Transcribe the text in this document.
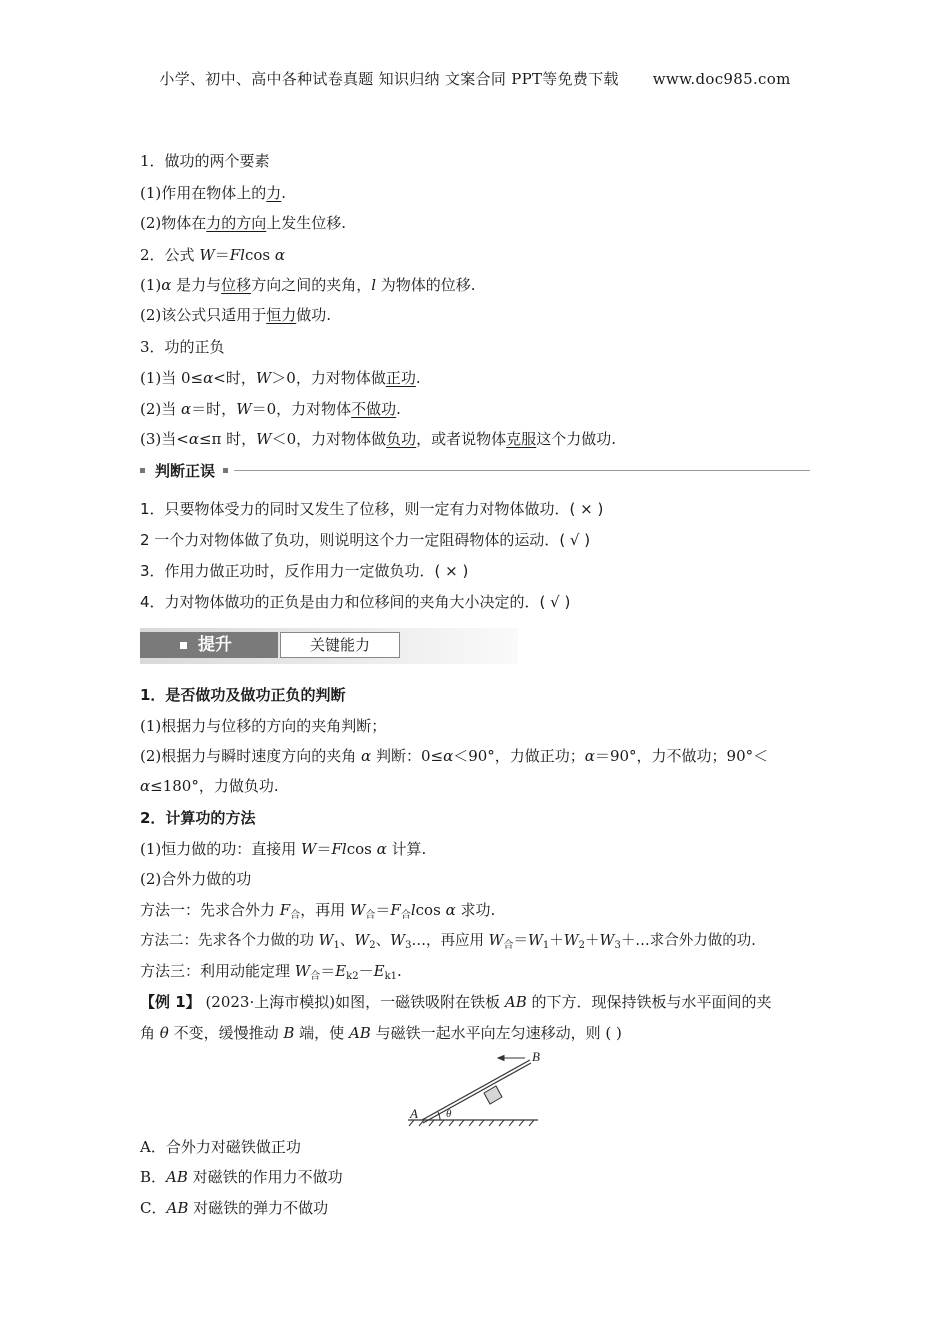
小学、初中、高中各种试卷真题 知识归纳 文案合同 PPT等免费下载 www.doc985.com
1．做功的两个要素
(1)作用在物体上的力.
(2)物体在力的方向上发生位移.
2．公式 W＝Flcos α
(1)α 是力与位移方向之间的夹角，l 为物体的位移.
(2)该公式只适用于恒力做功.
3．功的正负
(1)当 0≤α<时，W＞0，力对物体做正功.
(2)当 α＝时，W＝0，力对物体不做功.
(3)当<α≤π 时，W＜0，力对物体做负功，或者说物体克服这个力做功.
判断正误
1．只要物体受力的同时又发生了位移，则一定有力对物体做功．( × )
2 一个力对物体做了负功，则说明这个力一定阻碍物体的运动．( √ )
3．作用力做正功时，反作用力一定做负功．( × )
4．力对物体做功的正负是由力和位移间的夹角大小决定的．( √ )
提升	关键能力
1．是否做功及做功正负的判断
(1)根据力与位移的方向的夹角判断；
(2)根据力与瞬时速度方向的夹角 α 判断：0≤α＜90°，力做正功；α＝90°，力不做功；90°＜
α≤180°，力做负功.
2．计算功的方法
(1)恒力做的功：直接用 W＝Flcos α 计算.
(2)合外力做的功
方法一：先求合外力 $F_合$，再用 $W_合=F_合lcos$ α 求功.
方法二：先求各个力做的功 $W_1$、$W_2$、$W_3\dots$，再应用 $W_合=W_1+W_2+W_3+\dots$求合外力做的功.
方法三：利用动能定理 $W_合=E_{k2}-E_{k1}$.
【例 1】 (2023·上海市模拟)如图，一磁铁吸附在铁板 AB 的下方．现保持铁板与水平面间的夹
角 θ 不变，缓慢推动 B 端，使 AB 与磁铁一起水平向左匀速移动，则 ( )
A
B
θ
A．合外力对磁铁做正功
B．AB 对磁铁的作用力不做功
C．AB 对磁铁的弹力不做功
